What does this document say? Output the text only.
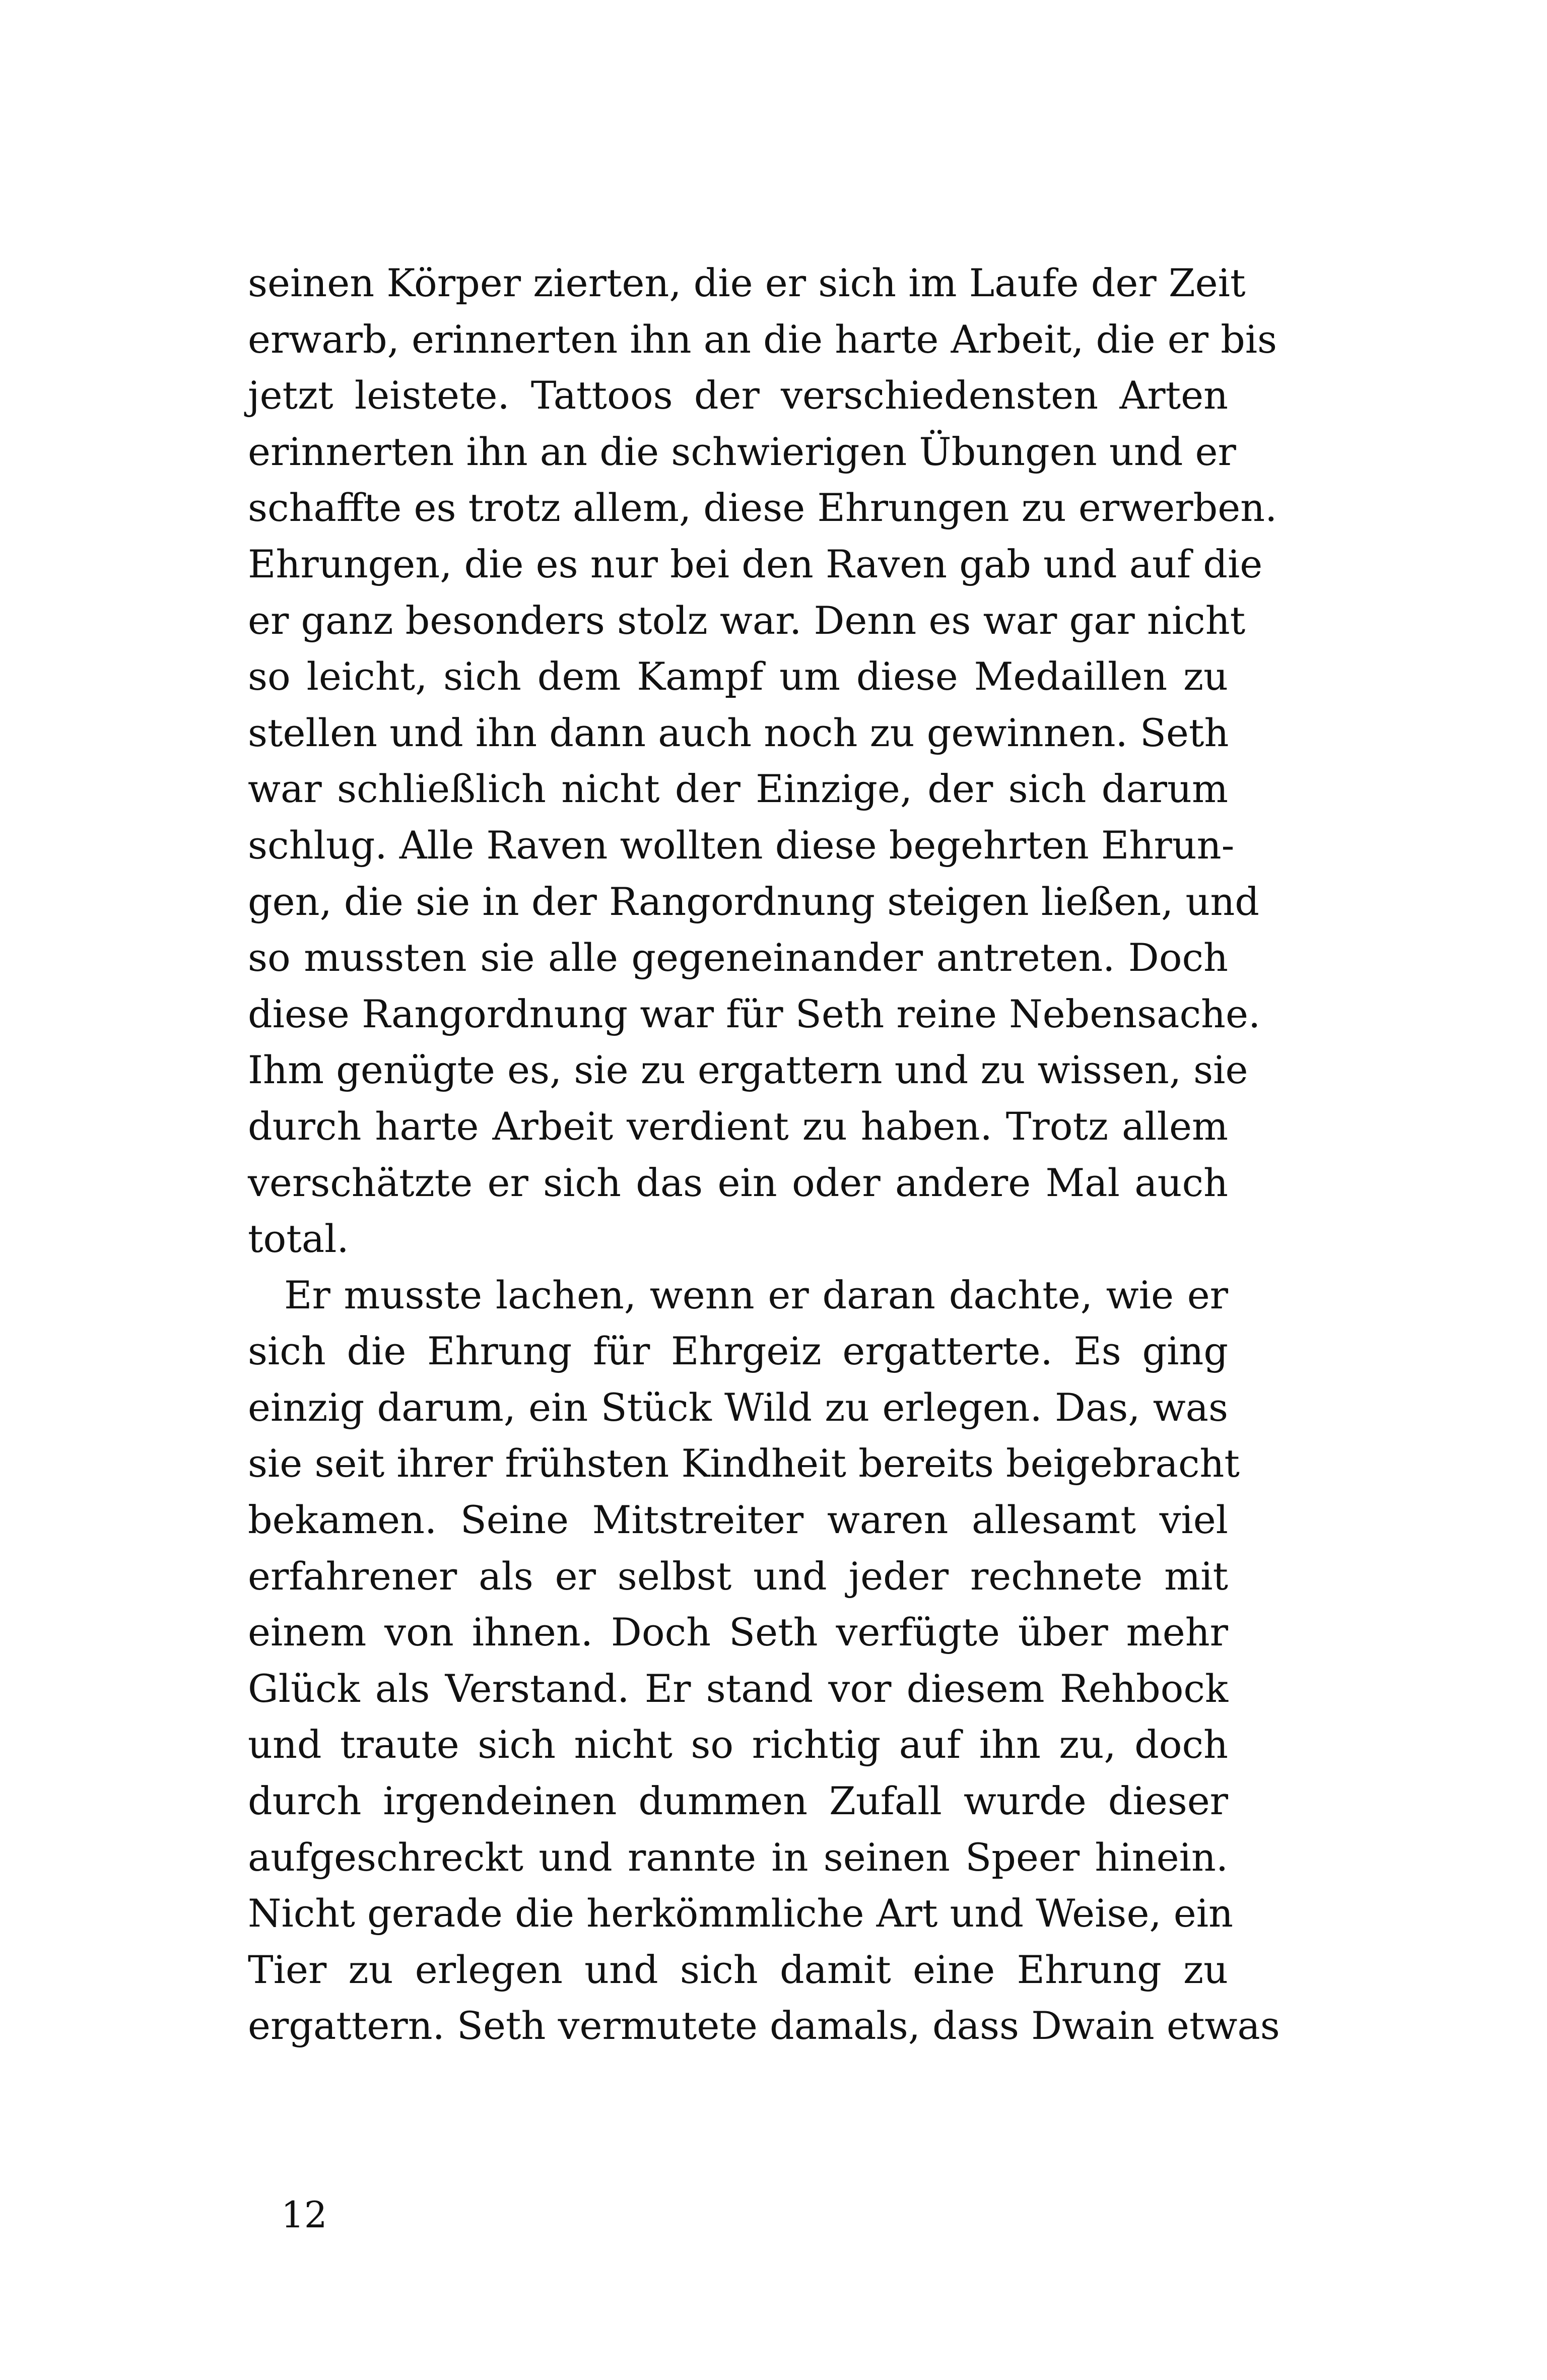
seinen Körper zierten, die er sich im Laufe der Zeit
erwarb, erinnerten ihn an die harte Arbeit, die er bis
jetzt leistete. Tattoos der verschiedensten Arten
erinnerten ihn an die schwierigen Übungen und er
schaffte es trotz allem, diese Ehrungen zu erwerben.
Ehrungen, die es nur bei den Raven gab und auf die
er ganz besonders stolz war. Denn es war gar nicht
so leicht, sich dem Kampf um diese Medaillen zu
stellen und ihn dann auch noch zu gewinnen. Seth
war schließlich nicht der Einzige, der sich darum
schlug. Alle Raven wollten diese begehrten Ehrun-
gen, die sie in der Rangordnung steigen ließen, und
so mussten sie alle gegeneinander antreten. Doch
diese Rangordnung war für Seth reine Nebensache.
Ihm genügte es, sie zu ergattern und zu wissen, sie
durch harte Arbeit verdient zu haben. Trotz allem
verschätzte er sich das ein oder andere Mal auch
total.
Er musste lachen, wenn er daran dachte, wie er
sich die Ehrung für Ehrgeiz ergatterte. Es ging
einzig darum, ein Stück Wild zu erlegen. Das, was
sie seit ihrer frühsten Kindheit bereits beigebracht
bekamen. Seine Mitstreiter waren allesamt viel
erfahrener als er selbst und jeder rechnete mit
einem von ihnen. Doch Seth verfügte über mehr
Glück als Verstand. Er stand vor diesem Rehbock
und traute sich nicht so richtig auf ihn zu, doch
durch irgendeinen dummen Zufall wurde dieser
aufgeschreckt und rannte in seinen Speer hinein.
Nicht gerade die herkömmliche Art und Weise, ein
Tier zu erlegen und sich damit eine Ehrung zu
ergattern. Seth vermutete damals, dass Dwain etwas
12
